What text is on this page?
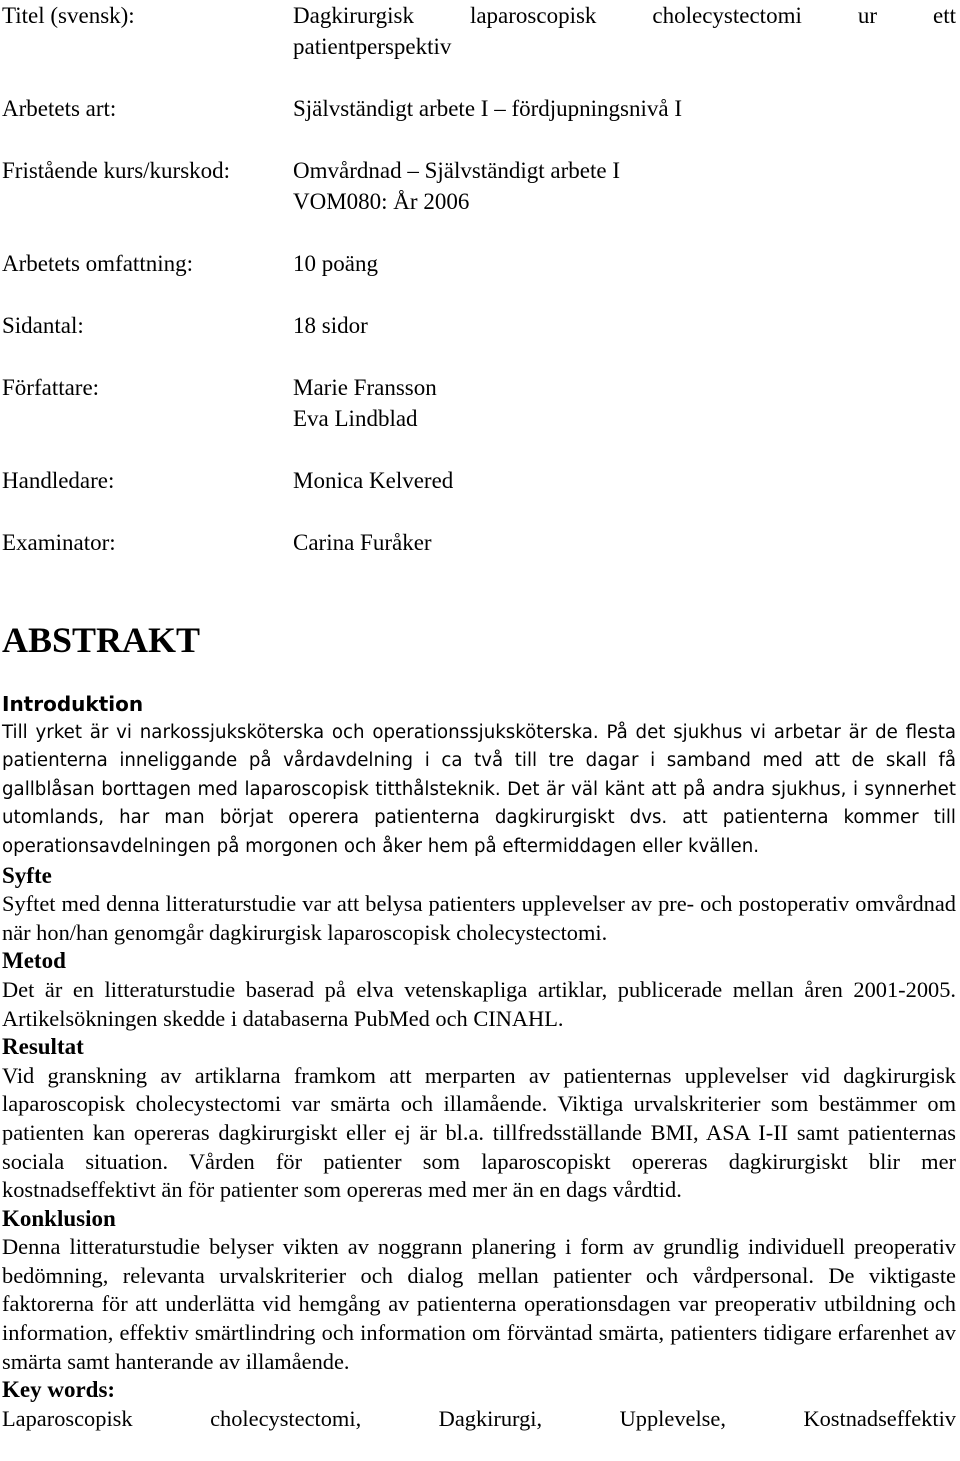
Titel (svensk):	Dagkirurgisk laparoscopisk cholecystectomi ur ett
patientperspektiv
Arbetets art:	Självständigt arbete I – fördjupningsnivå I
Fristående kurs/kurskod:	Omvårdnad – Självständigt arbete I
VOM080: År 2006
Arbetets omfattning:	10 poäng
Sidantal:	18 sidor
Författare:	Marie Fransson
Eva Lindblad
Handledare:	Monica Kelvered
Examinator:	Carina Furåker
ABSTRAKT
Introduktion

Till yrket är vi narkossjuksköterska och operationssjuksköterska. På det sjukhus vi arbetar är de flesta patienterna inneliggande på vårdavdelning i ca två till tre dagar i samband med att de skall få gallblåsan borttagen med laparoscopisk titthålsteknik. Det är väl känt att på andra sjukhus, i synnerhet utomlands, har man börjat operera patienterna dagkirurgiskt dvs. att patienterna kommer till operationsavdelningen på morgonen och åker hem på eftermiddagen eller kvällen.

Syfte

Syftet med denna litteraturstudie var att belysa patienters upplevelser av pre- och postoperativ omvårdnad när hon/han genomgår dagkirurgisk laparoscopisk cholecystectomi.

Metod

Det är en litteraturstudie baserad på elva vetenskapliga artiklar, publicerade mellan åren 2001-2005. Artikelsökningen skedde i databaserna PubMed och CINAHL.

Resultat

Vid granskning av artiklarna framkom att merparten av patienternas upplevelser vid dagkirurgisk laparoscopisk cholecystectomi var smärta och illamående. Viktiga urvalskriterier som bestämmer om patienten kan opereras dagkirurgiskt eller ej är bl.a. tillfredsställande BMI, ASA I-II samt patienternas sociala situation. Vården för patienter som laparoscopiskt opereras dagkirurgiskt blir mer kostnadseffektivt än för patienter som opereras med mer än en dags vårdtid.

Konklusion

Denna litteraturstudie belyser vikten av noggrann planering i form av grundlig individuell preoperativ bedömning, relevanta urvalskriterier och dialog mellan patienter och vårdpersonal. De viktigaste faktorerna för att underlätta vid hemgång av patienterna operationsdagen var preoperativ utbildning och information, effektiv smärtlindring och information om förväntad smärta, patienters tidigare erfarenhet av smärta samt hanterande av illamående.

Key words:
Laparoscopisk	cholecystectomi,	Dagkirurgi,	Upplevelse,	Kostnadseffektiv
